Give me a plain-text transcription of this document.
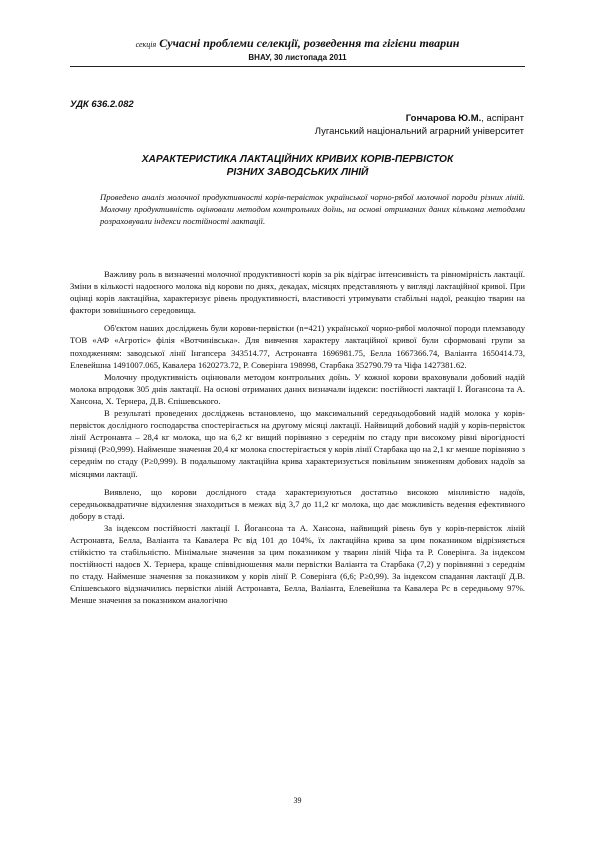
секція Сучасні проблеми селекції, розведення та гігієни тварин
ВНАУ, 30 листопада 2011
УДК 636.2.082
Гончарова Ю.М., аспірант
Луганський національний аграрний університет
ХАРАКТЕРИСТИКА ЛАКТАЦІЙНИХ КРИВИХ КОРІВ-ПЕРВІСТОК
РІЗНИХ ЗАВОДСЬКИХ ЛІНІЙ
Проведено аналіз молочної продуктивності корів-первісток української чорно-рябої молочної породи різних ліній. Молочну продуктивність оцінювали методом контрольних доїнь, на основі отриманих даних кількома методами розраховували індекси постійності лактації.

Важливу роль в визначенні молочної продуктивності корів за рік відіграє інтенсивність та рівномірність лактації. Зміни в кількості надоєного молока від корови по днях, декадах, місяцях представляють у вигляді лактаційної кривої. При оцінці корів лактаційна, характеризує рівень продуктивності, властивості утримувати стабільні надої, реакцію тварин на фактори зовнішнього середовища.

Об'єктом наших досліджень були корови-первістки (n=421) української чорно-рябої молочної породи племзаводу ТОВ «АФ «Агротіс» філія «Вотчинівська». Для вивчення характеру лактаційної кривої були сформовані групи за походженням: заводської лінії Інгапсера 343514.77, Астронавта 1696981.75, Белла 1667366.74, Валіанта 1650414.73, Елевейшна 1491007.065, Кавалера 1620273.72, Р. Соверінга 198998, Старбака 352790.79 та Чіфа 1427381.62.

Молочну продуктивність оцінювали методом контрольних доїнь. У кожної корови враховували добовий надій молока впродовж 305 днів лактації. На основі отриманих даних визначали індекси: постійності лактації І. Йогансона та А. Хансона, Х. Тернера, Д.В. Єпішевського.

В результаті проведених досліджень встановлено, що максимальний середньодобовий надій молока у корів-первісток дослідного господарства спостерігається на другому місяці лактації. Найвищий добовий надій у корів-первісток лінії Астронавта – 28,4 кг молока, що на 6,2 кг вищий порівняно з середнім по стаду при високому рівні вірогідності різниці (Р≥0,999). Найменше значення 20,4 кг молока спостерігається у корів лінії Старбака що на 2,1 кг менше порівняно з середнім по стаду (Р≥0,999). В подальшому лактаційна крива характеризується повільним зниженням добових надоїв за місяцями лактації.

Виявлено, що корови дослідного стада характеризуються достатньо високою мінливістю надоїв, середньоквадратичне відхилення знаходиться в межах від 3,7 до 11,2 кг молока, що дає можливість ведення ефективного добору в стаді.

За індексом постійності лактації І. Йогансона та А. Хансона, найвищий рівень був у корів-первісток ліній Астронавта, Белла, Валіанта та Кавалера Рс від 101 до 104%, їх лактаційна крива за цим показником відрізняється стійкістю та стабільністю. Мінімальне значення за цим показником у тварин ліній Чіфа та Р. Соверінга. За індексом постійності надоєв Х. Тернера, краще співвідношення мали первістки Валіанта та Старбака (7,2) у порівнянні з середнім по стаду. Найменше значення за показником у корів лінії Р. Соверінга (6,6; Р≥0,99). За індексом спадання лактації Д.В. Єпішевського відзначились первістки ліній Астронавта, Белла, Валіанта, Елевейшна та Кавалера Рс в середньому 97%. Менше значення за показником аналогічно

39
